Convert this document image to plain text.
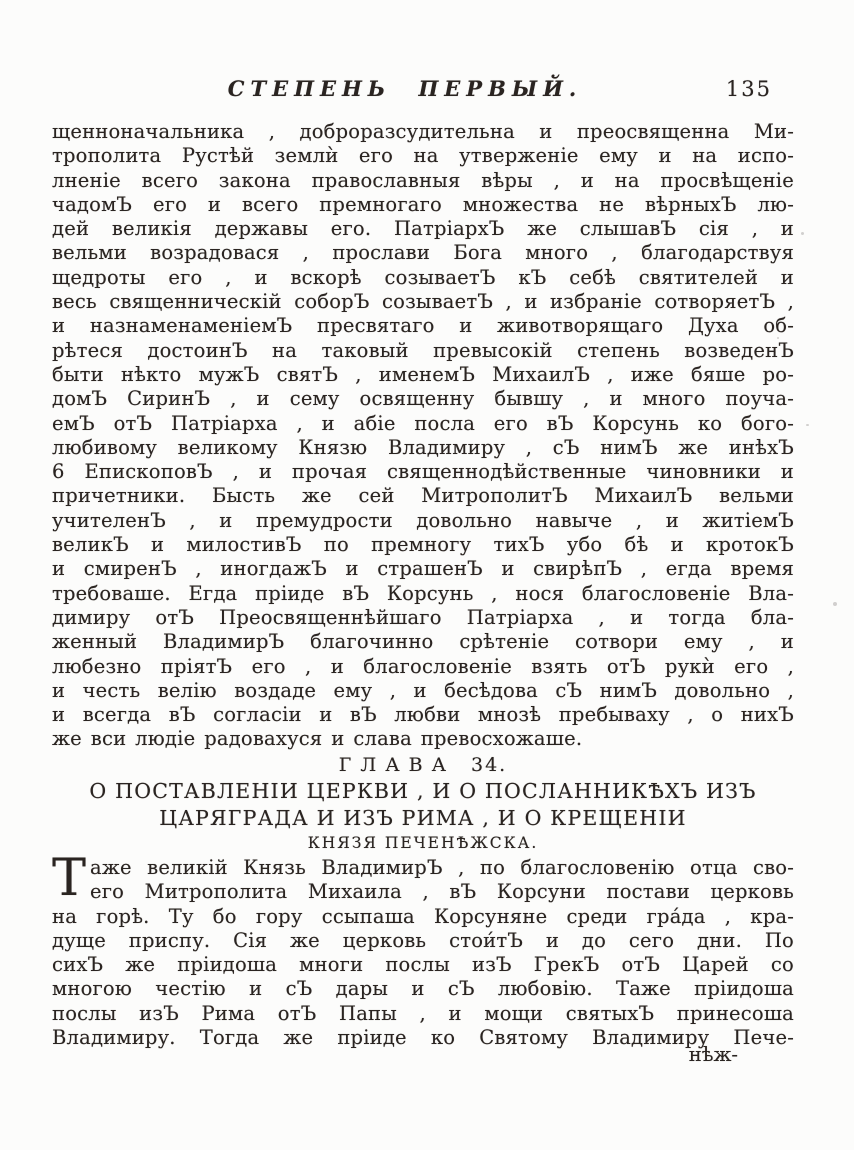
СТЕПЕНЬ ПЕРВЫЙ.	135
щенноначальника , доброразсудительна и преосвященна Ми-
трополита Рустѣй землѝ его на утверженіе ему и на испо-
лненіе всего закона православныя вѣры , и на просвѣщеніе
чадомЪ его и всего премногаго множества не вѣрныхЪ лю-
дей великія державы его. ПатріархЪ же слышавЪ сія , и
вельми возрадовася , прослави Бога много , благодарствуя
щедроты его , и вскорѣ созываетЪ кЪ себѣ святителей и
весь священническій соборЪ созываетЪ , и избраніе сотворяетЪ ,
и назнаменаменіемЪ пресвятаго и животворящаго Духа об-
рѣтеся достоинЪ на таковый превысокій степень возведенЪ
быти нѣкто мужЪ святЪ , именемЪ МихаилЪ , иже бяше ро-
домЪ СиринЪ , и сему освященну бывшу , и много поуча-
емЪ отЪ Патріарха , и абіе посла его вЪ Корсунь ко бого-
любивому великому Князю Владимиру , сЪ нимЪ же инѣхЪ
6 ЕпископовЪ , и прочая священнодѣйственные чиновники и
причетники. Бысть же сей МитрополитЪ МихаилЪ вельми
учителенЪ , и премудрости довольно навыче , и житіемЪ
великЪ и милостивЪ по премногу тихЪ убо бѣ и кротокЪ
и смиренЪ , иногдажЪ и страшенЪ и свирѣпЪ , егда время
требоваше. Егда пріиде вЪ Корсунь , нося благословеніе Вла-
димиру отЪ Преосвященнѣйшаго Патріарха , и тогда бла-
женный ВладимирЪ благочинно срѣтеніе сотвори ему , и
любезно пріятЪ его , и благословеніе взять отЪ рукѝ его ,
и честь велію воздаде ему , и бесѣдова сЪ нимЪ довольно ,
и всегда вЪ согласіи и вЪ любви мнозѣ пребываху , о нихЪ
же вси людіе радовахуся и слава превосхожаше.
ГЛАВА 34.
О ПОСТАВЛЕНІИ ЦЕРКВИ , И О ПОСЛАННИКѢХЪ ИЗЪ
ЦАРЯГРАДА И ИЗЪ РИМА , И О КРЕЩЕНІИ
КНЯЗЯ ПЕЧЕНѢЖСКА.
Т аже великій Князь ВладимирЪ , по благословенію отца сво-
его Митрополита Михаила , вЪ Корсуни постави церковь
на горѣ. Ту бо гору ссыпаша Корсуняне среди гра́да , кра-
дуще приспу. Сія же церковь стои́тЪ и до сего дни. По
сихЪ же пріидоша многи послы изЪ ГрекЪ отЪ Царей со
многою честію и сЪ дары и сЪ любовію. Таже пріидоша
послы изЪ Рима отЪ Папы , и мощи святыхЪ принесоша
Владимиру. Тогда же пріиде ко Святому Владимиру Пече-
нѣж-
